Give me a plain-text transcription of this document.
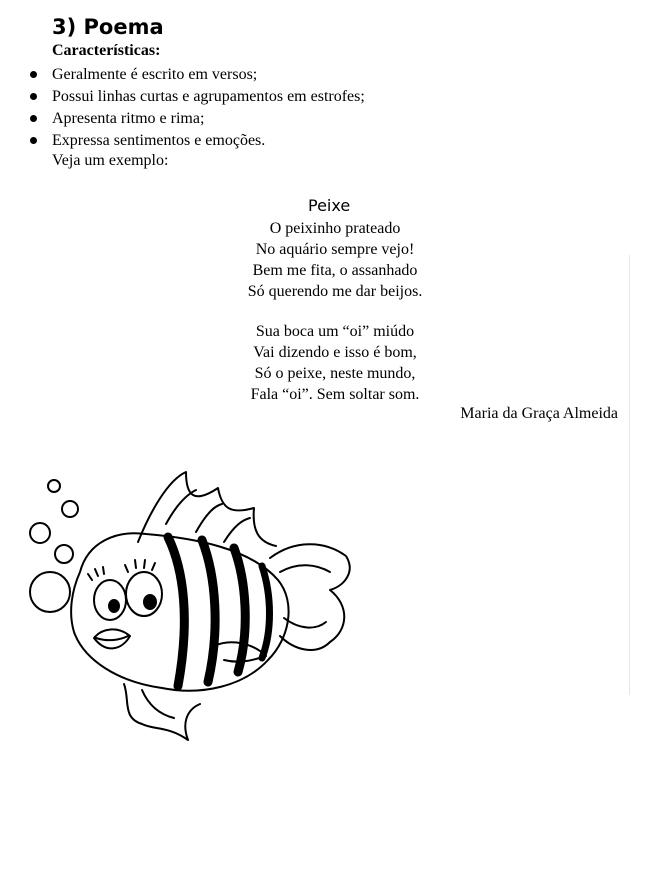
3) Poema
Características:
Geralmente é escrito em versos;
Possui linhas curtas e agrupamentos em estrofes;
Apresenta ritmo e rima;
Expressa sentimentos e emoções.
Veja um exemplo:
Peixe
O peixinho prateado
No aquário sempre vejo!
Bem me fita, o assanhado
Só querendo me dar beijos.
Sua boca um “oi” miúdo
Vai dizendo e isso é bom,
Só o peixe, neste mundo,
Fala “oi”. Sem soltar som.
Maria da Graça Almeida
